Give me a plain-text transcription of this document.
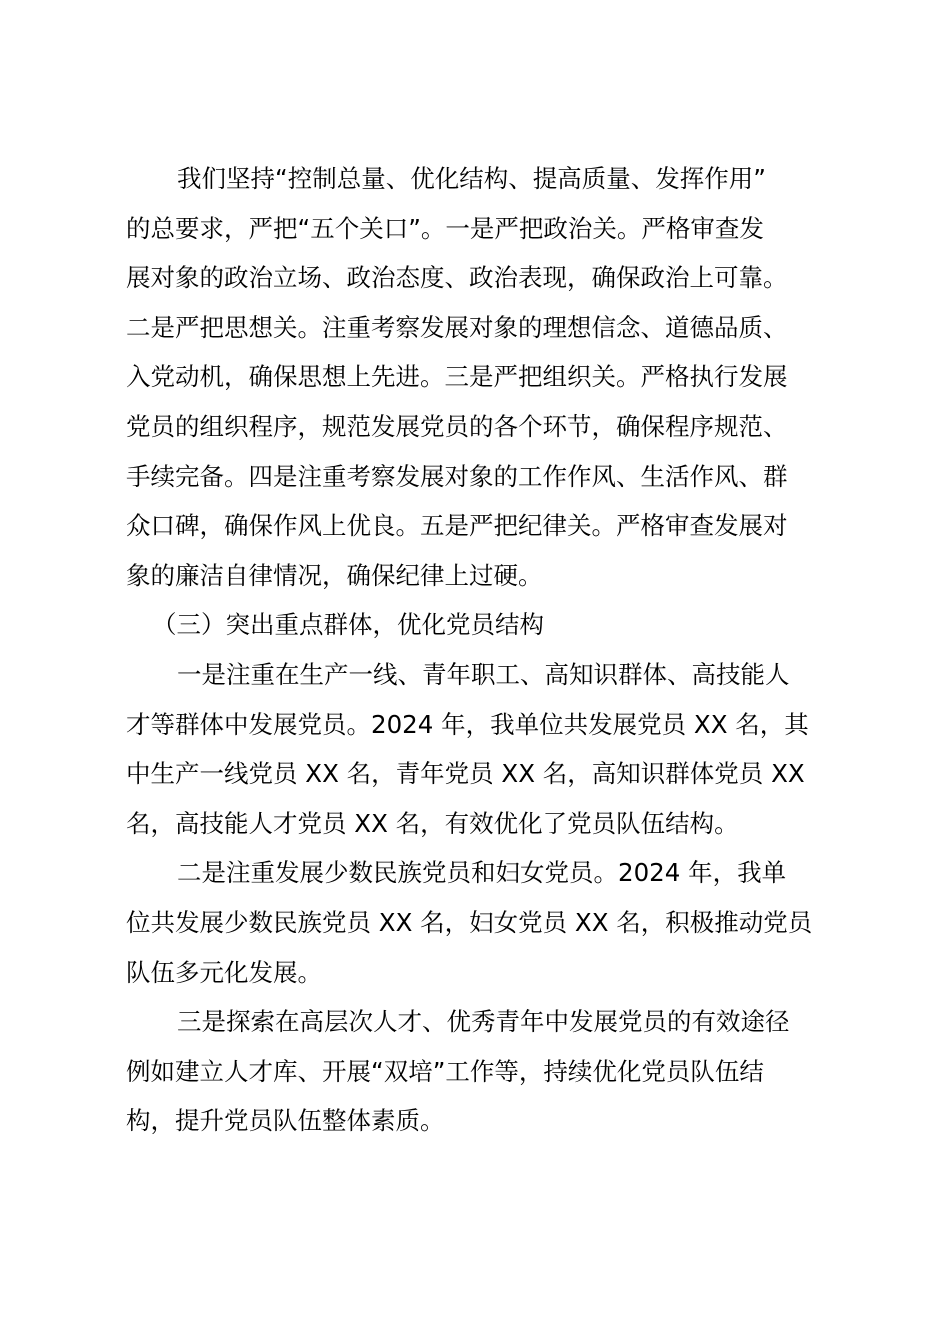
我们坚持“控制总量、优化结构、提高质量、发挥作用”
的总要求，严把“五个关口”。一是严把政治关。严格审查发
展对象的政治立场、政治态度、政治表现，确保政治上可靠。
二是严把思想关。注重考察发展对象的理想信念、道德品质、
入党动机，确保思想上先进。三是严把组织关。严格执行发展
党员的组织程序，规范发展党员的各个环节，确保程序规范、
手续完备。四是注重考察发展对象的工作作风、生活作风、群
众口碑，确保作风上优良。五是严把纪律关。严格审查发展对
象的廉洁自律情况，确保纪律上过硬。
（三）突出重点群体，优化党员结构
一是注重在生产一线、青年职工、高知识群体、高技能人
才等群体中发展党员。2024 年，我单位共发展党员 XX 名，其
中生产一线党员 XX 名，青年党员 XX 名，高知识群体党员 XX
名，高技能人才党员 XX 名，有效优化了党员队伍结构。
二是注重发展少数民族党员和妇女党员。2024 年，我单
位共发展少数民族党员 XX 名，妇女党员 XX 名，积极推动党员
队伍多元化发展。
三是探索在高层次人才、优秀青年中发展党员的有效途径
例如建立人才库、开展“双培”工作等，持续优化党员队伍结
构，提升党员队伍整体素质。
